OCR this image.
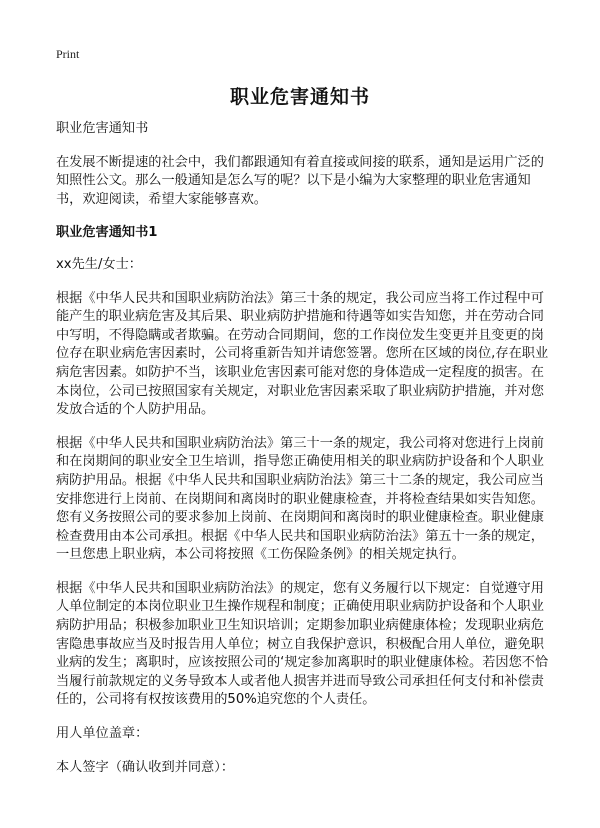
Print
职业危害通知书

职业危害通知书

在发展不断提速的社会中，我们都跟通知有着直接或间接的联系，通知是运用广泛的知照性公文。那么一般通知是怎么写的呢？以下是小编为大家整理的职业危害通知书，欢迎阅读，希望大家能够喜欢。

职业危害通知书1

xx先生/女士：

根据《中华人民共和国职业病防治法》第三十条的规定，我公司应当将工作过程中可能产生的职业病危害及其后果、职业病防护措施和待遇等如实告知您，并在劳动合同中写明，不得隐瞒或者欺骗。在劳动合同期间，您的工作岗位发生变更并且变更的岗位存在职业病危害因素时，公司将重新告知并请您签署。您所在区域的岗位,存在职业病危害因素。如防护不当，该职业危害因素可能对您的身体造成一定程度的损害。在本岗位，公司已按照国家有关规定，对职业危害因素采取了职业病防护措施，并对您发放合适的个人防护用品。

根据《中华人民共和国职业病防治法》第三十一条的规定，我公司将对您进行上岗前和在岗期间的职业安全卫生培训，指导您正确使用相关的职业病防护设备和个人职业病防护用品。根据《中华人民共和国职业病防治法》第三十二条的规定，我公司应当安排您进行上岗前、在岗期间和离岗时的职业健康检查，并将检查结果如实告知您。您有义务按照公司的要求参加上岗前、在岗期间和离岗时的职业健康检查。职业健康检查费用由本公司承担。根据《中华人民共和国职业病防治法》第五十一条的规定，一旦您患上职业病，本公司将按照《工伤保险条例》的相关规定执行。

根据《中华人民共和国职业病防治法》的规定，您有义务履行以下规定：自觉遵守用人单位制定的本岗位职业卫生操作规程和制度；正确使用职业病防护设备和个人职业病防护用品；积极参加职业卫生知识培训；定期参加职业病健康体检；发现职业病危害隐患事故应当及时报告用人单位；树立自我保护意识，积极配合用人单位，避免职业病的发生；离职时，应该按照公司的‘规定参加离职时的职业健康体检。若因您不恰当履行前款规定的义务导致本人或者他人损害并进而导致公司承担任何支付和补偿责任的，公司将有权按该费用的50%追究您的个人责任。

用人单位盖章：

本人签字（确认收到并同意）：
